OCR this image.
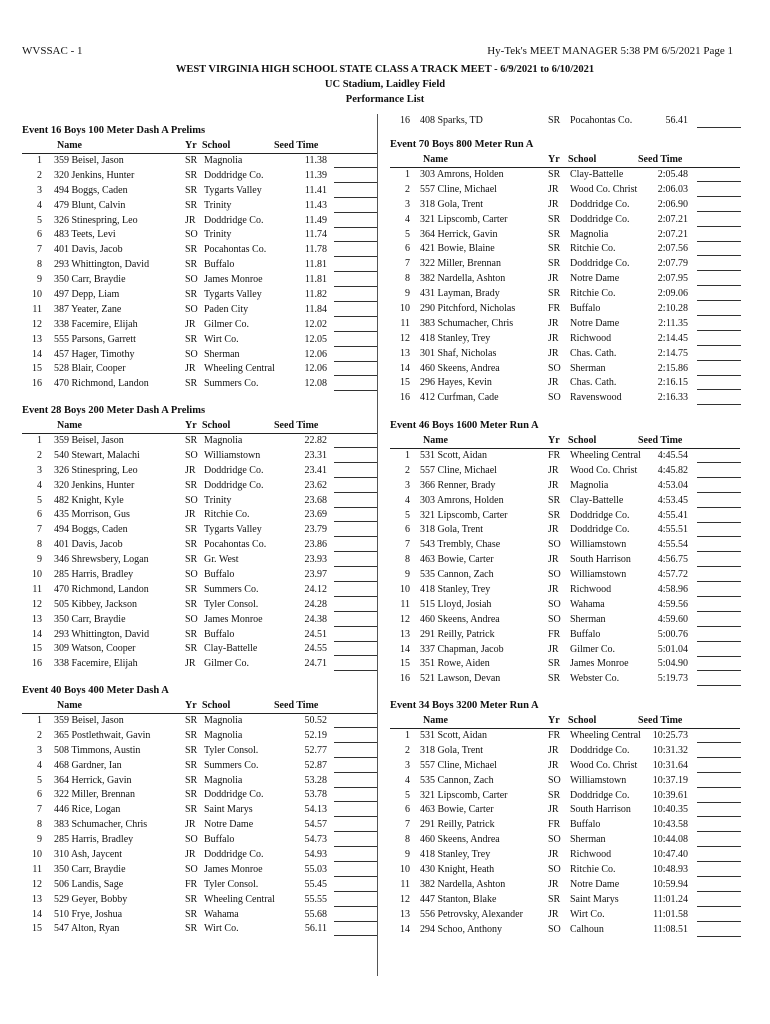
WVSSAC - 1	Hy-Tek's MEET MANAGER 5:38 PM 6/5/2021 Page 1
WEST VIRGINIA HIGH SCHOOL STATE CLASS A TRACK MEET - 6/9/2021 to 6/10/2021
UC Stadium, Laidley Field
Performance List
Event 16 Boys 100 Meter Dash A Prelims
Name	Yr School	Seed Time
1 359 Beisel, Jason	SR Magnolia	11.38
2 320 Jenkins, Hunter	SR Doddridge Co.	11.39
3 494 Boggs, Caden	SR Tygarts Valley	11.41
4 479 Blunt, Calvin	SR Trinity	11.43
5 326 Stinespring, Leo	JR Doddridge Co.	11.49
6 483 Teets, Levi	SO Trinity	11.74
7 401 Davis, Jacob	SR Pocahontas Co.	11.78
8 293 Whittington, David	SR Buffalo	11.81
9 350 Carr, Braydie	SO James Monroe	11.81
10 497 Depp, Liam	SR Tygarts Valley	11.82
11 387 Yeater, Zane	SO Paden City	11.84
12 338 Facemire, Elijah	JR Gilmer Co.	12.02
13 555 Parsons, Garrett	SR Wirt Co.	12.05
14 457 Hager, Timothy	SO Sherman	12.06
15 528 Blair, Cooper	JR Wheeling Central	12.06
16 470 Richmond, Landon	SR Summers Co.	12.08
Event 28 Boys 200 Meter Dash A Prelims
Name	Yr School	Seed Time
1 359 Beisel, Jason	SR Magnolia	22.82
2 540 Stewart, Malachi	SO Williamstown	23.31
3 326 Stinespring, Leo	JR Doddridge Co.	23.41
4 320 Jenkins, Hunter	SR Doddridge Co.	23.62
5 482 Knight, Kyle	SO Trinity	23.68
6 435 Morrison, Gus	JR Ritchie Co.	23.69
7 494 Boggs, Caden	SR Tygarts Valley	23.79
8 401 Davis, Jacob	SR Pocahontas Co.	23.86
9 346 Shrewsbery, Logan	SR Gr. West	23.93
10 285 Harris, Bradley	SO Buffalo	23.97
11 470 Richmond, Landon	SR Summers Co.	24.12
12 505 Kibbey, Jackson	SR Tyler Consol.	24.28
13 350 Carr, Braydie	SO James Monroe	24.38
14 293 Whittington, David	SR Buffalo	24.51
15 309 Watson, Cooper	SR Clay-Battelle	24.55
16 338 Facemire, Elijah	JR Gilmer Co.	24.71
Event 40 Boys 400 Meter Dash A
Name	Yr School	Seed Time
1 359 Beisel, Jason	SR Magnolia	50.52
2 365 Postlethwait, Gavin	SR Magnolia	52.19
3 508 Timmons, Austin	SR Tyler Consol.	52.77
4 468 Gardner, Ian	SR Summers Co.	52.87
5 364 Herrick, Gavin	SR Magnolia	53.28
6 322 Miller, Brennan	SR Doddridge Co.	53.78
7 446 Rice, Logan	SR Saint Marys	54.13
8 383 Schumacher, Chris	JR Notre Dame	54.57
9 285 Harris, Bradley	SO Buffalo	54.73
10 310 Ash, Jaycent	JR Doddridge Co.	54.93
11 350 Carr, Braydie	SO James Monroe	55.03
12 506 Landis, Sage	FR Tyler Consol.	55.45
13 529 Geyer, Bobby	SR Wheeling Central	55.55
14 510 Frye, Joshua	SR Wahama	55.68
15 547 Alton, Ryan	SR Wirt Co.	56.11
16 408 Sparks, TD	SR Pocahontas Co.	56.41
Event 70 Boys 800 Meter Run A
Name	Yr School	Seed Time
1 303 Amrons, Holden	SR Clay-Battelle	2:05.48
2 557 Cline, Michael	JR Wood Co. Christ 2:06.03
3 318 Gola, Trent	JR Doddridge Co.	2:06.90
4 321 Lipscomb, Carter	SR Doddridge Co.	2:07.21
5 364 Herrick, Gavin	SR Magnolia	2:07.21
6 421 Bowie, Blaine	SR Ritchie Co.	2:07.56
7 322 Miller, Brennan	SR Doddridge Co.	2:07.79
8 382 Nardella, Ashton	JR Notre Dame	2:07.95
9 431 Layman, Brady	SR Ritchie Co.	2:09.06
10 290 Pitchford, Nicholas	FR Buffalo	2:10.28
11 383 Schumacher, Chris	JR Notre Dame	2:11.35
12 418 Stanley, Trey	JR Richwood	2:14.45
13 301 Shaf, Nicholas	JR Chas. Cath.	2:14.75
14 460 Skeens, Andrea	SO Sherman	2:15.86
15 296 Hayes, Kevin	JR Chas. Cath.	2:16.15
16 412 Curfman, Cade	SO Ravenswood	2:16.33
Event 46 Boys 1600 Meter Run A
Name	Yr School	Seed Time
1 531 Scott, Aidan	FR Wheeling Central 4:45.54
2 557 Cline, Michael	JR Wood Co. Christ 4:45.82
3 366 Renner, Brady	JR Magnolia	4:53.04
4 303 Amrons, Holden	SR Clay-Battelle	4:53.45
5 321 Lipscomb, Carter	SR Doddridge Co.	4:55.41
6 318 Gola, Trent	JR Doddridge Co.	4:55.51
7 543 Trembly, Chase	SO Williamstown	4:55.54
8 463 Bowie, Carter	JR South Harrison	4:56.75
9 535 Cannon, Zach	SO Williamstown	4:57.72
10 418 Stanley, Trey	JR Richwood	4:58.96
11 515 Lloyd, Josiah	SO Wahama	4:59.56
12 460 Skeens, Andrea	SO Sherman	4:59.60
13 291 Reilly, Patrick	FR Buffalo	5:00.76
14 337 Chapman, Jacob	JR Gilmer Co.	5:01.04
15 351 Rowe, Aiden	SR James Monroe	5:04.90
16 521 Lawson, Devan	SR Webster Co.	5:19.73
Event 34 Boys 3200 Meter Run A
Name	Yr School	Seed Time
1 531 Scott, Aidan	FR Wheeling Central 10:25.73
2 318 Gola, Trent	JR Doddridge Co. 10:31.32
3 557 Cline, Michael	JR Wood Co. Christ 10:31.64
4 535 Cannon, Zach	SO Williamstown	10:37.19
5 321 Lipscomb, Carter	SR Doddridge Co. 10:39.61
6 463 Bowie, Carter	JR South Harrison 10:40.35
7 291 Reilly, Patrick	FR Buffalo	10:43.58
8 460 Skeens, Andrea	SO Sherman	10:44.08
9 418 Stanley, Trey	JR Richwood	10:47.40
10 430 Knight, Heath	SO Ritchie Co.	10:48.93
11 382 Nardella, Ashton	JR Notre Dame	10:59.94
12 447 Stanton, Blake	SR Saint Marys	11:01.24
13 556 Petrovsky, Alexander	JR Wirt Co.	11:01.58
14 294 Schoo, Anthony	SO Calhoun	11:08.51
